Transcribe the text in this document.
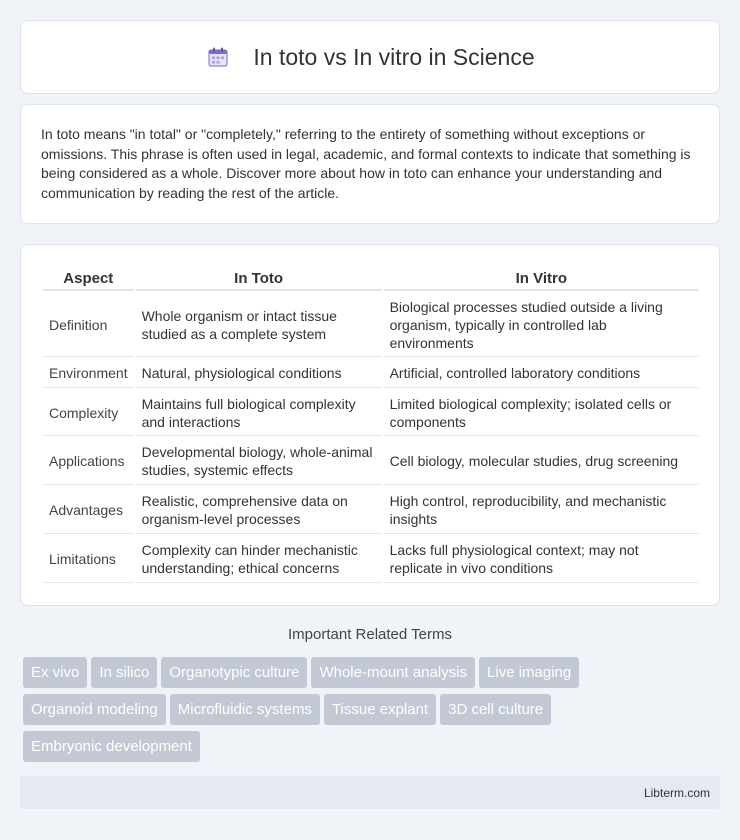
In toto vs In vitro in Science

In toto means "in total" or "completely," referring to the entirety of something without exceptions or omissions. This phrase is often used in legal, academic, and formal contexts to indicate that something is being considered as a whole. Discover more about how in toto can enhance your understanding and communication by reading the rest of the article.

Aspect	In Toto	In Vitro
Definition	Whole organism or intact tissue studied as a complete system	Biological processes studied outside a living organism, typically in controlled lab environments
Environment	Natural, physiological conditions	Artificial, controlled laboratory conditions
Complexity	Maintains full biological complexity and interactions	Limited biological complexity; isolated cells or components
Applications	Developmental biology, whole-animal studies, systemic effects	Cell biology, molecular studies, drug screening
Advantages	Realistic, comprehensive data on organism-level processes	High control, reproducibility, and mechanistic insights
Limitations	Complexity can hinder mechanistic understanding; ethical concerns	Lacks full physiological context; may not replicate in vivo conditions
Important Related Terms
Ex vivo In silico Organotypic culture Whole-mount analysis Live imagingOrganoid modeling Microfluidic systems Tissue explant 3D cell cultureEmbryonic development
Libterm.com
